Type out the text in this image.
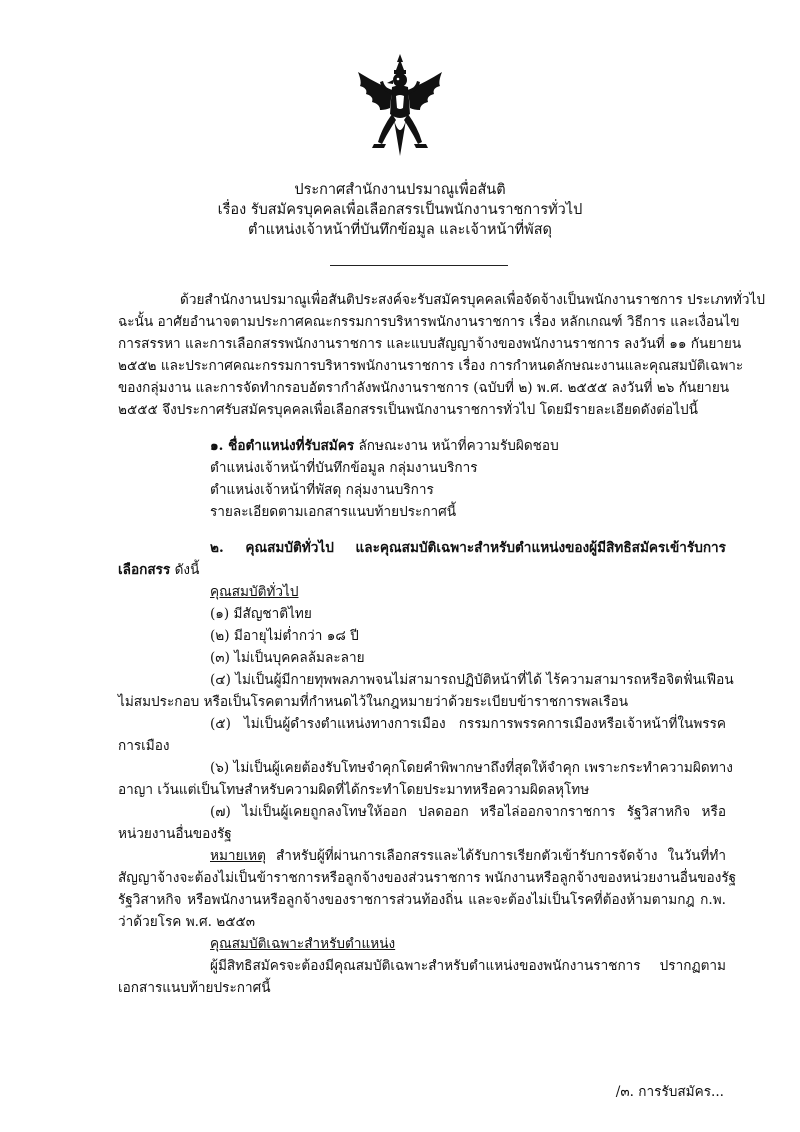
ประกาศสำนักงานปรมาณูเพื่อสันติ
เรื่อง รับสมัครบุคคลเพื่อเลือกสรรเป็นพนักงานราชการทั่วไป
ตำแหน่งเจ้าหน้าที่บันทึกข้อมูล และเจ้าหน้าที่พัสดุ

ด้วยสำนักงานปรมาณูเพื่อสันติประสงค์จะรับสมัครบุคคลเพื่อจัดจ้างเป็นพนักงานราชการ ประเภททั่วไป

ฉะนั้น อาศัยอำนาจตามประกาศคณะกรรมการบริหารพนักงานราชการ เรื่อง หลักเกณฑ์ วิธีการ และเงื่อนไข

การสรรหา และการเลือกสรรพนักงานราชการ และแบบสัญญาจ้างของพนักงานราชการ ลงวันที่ ๑๑ กันยายน

๒๕๕๒ และประกาศคณะกรรมการบริหารพนักงานราชการ เรื่อง การกำหนดลักษณะงานและคุณสมบัติเฉพาะ

ของกลุ่มงาน และการจัดทำกรอบอัตรากำลังพนักงานราชการ (ฉบับที่ ๒) พ.ศ. ๒๕๕๕ ลงวันที่ ๒๖ กันยายน

๒๕๕๕ จึงประกาศรับสมัครบุคคลเพื่อเลือกสรรเป็นพนักงานราชการทั่วไป โดยมีรายละเอียดดังต่อไปนี้

๑. ชื่อตำแหน่งที่รับสมัคร ลักษณะงาน หน้าที่ความรับผิดชอบ

ตำแหน่งเจ้าหน้าที่บันทึกข้อมูล กลุ่มงานบริการ

ตำแหน่งเจ้าหน้าที่พัสดุ กลุ่มงานบริการ

รายละเอียดตามเอกสารแนบท้ายประกาศนี้

๒. คุณสมบัติทั่วไป และคุณสมบัติเฉพาะสำหรับตำแหน่งของผู้มีสิทธิสมัครเข้ารับการ

เลือกสรร ดังนี้

คุณสมบัติทั่วไป

(๑) มีสัญชาติไทย

(๒) มีอายุไม่ต่ำกว่า ๑๘ ปี

(๓) ไม่เป็นบุคคลล้มละลาย

(๔) ไม่เป็นผู้มีกายทุพพลภาพจนไม่สามารถปฏิบัติหน้าที่ได้ ไร้ความสามารถหรือจิตฟั่นเฟือน

ไม่สมประกอบ หรือเป็นโรคตามที่กำหนดไว้ในกฎหมายว่าด้วยระเบียบข้าราชการพลเรือน

(๕) ไม่เป็นผู้ดำรงตำแหน่งทางการเมือง กรรมการพรรคการเมืองหรือเจ้าหน้าที่ในพรรค

การเมือง

(๖) ไม่เป็นผู้เคยต้องรับโทษจำคุกโดยคำพิพากษาถึงที่สุดให้จำคุก เพราะกระทำความผิดทาง

อาญา เว้นแต่เป็นโทษสำหรับความผิดที่ได้กระทำโดยประมาทหรือความผิดลหุโทษ

(๗) ไม่เป็นผู้เคยถูกลงโทษให้ออก ปลดออก หรือไล่ออกจากราชการ รัฐวิสาหกิจ หรือ

หน่วยงานอื่นของรัฐ

หมายเหตุ สำหรับผู้ที่ผ่านการเลือกสรรและได้รับการเรียกตัวเข้ารับการจัดจ้าง ในวันที่ทำ

สัญญาจ้างจะต้องไม่เป็นข้าราชการหรือลูกจ้างของส่วนราชการ พนักงานหรือลูกจ้างของหน่วยงานอื่นของรัฐ

รัฐวิสาหกิจ หรือพนักงานหรือลูกจ้างของราชการส่วนท้องถิ่น และจะต้องไม่เป็นโรคที่ต้องห้ามตามกฎ ก.พ.

ว่าด้วยโรค พ.ศ. ๒๕๕๓

คุณสมบัติเฉพาะสำหรับตำแหน่ง

ผู้มีสิทธิสมัครจะต้องมีคุณสมบัติเฉพาะสำหรับตำแหน่งของพนักงานราชการ ปรากฏตาม

เอกสารแนบท้ายประกาศนี้

/๓. การรับสมัคร...
